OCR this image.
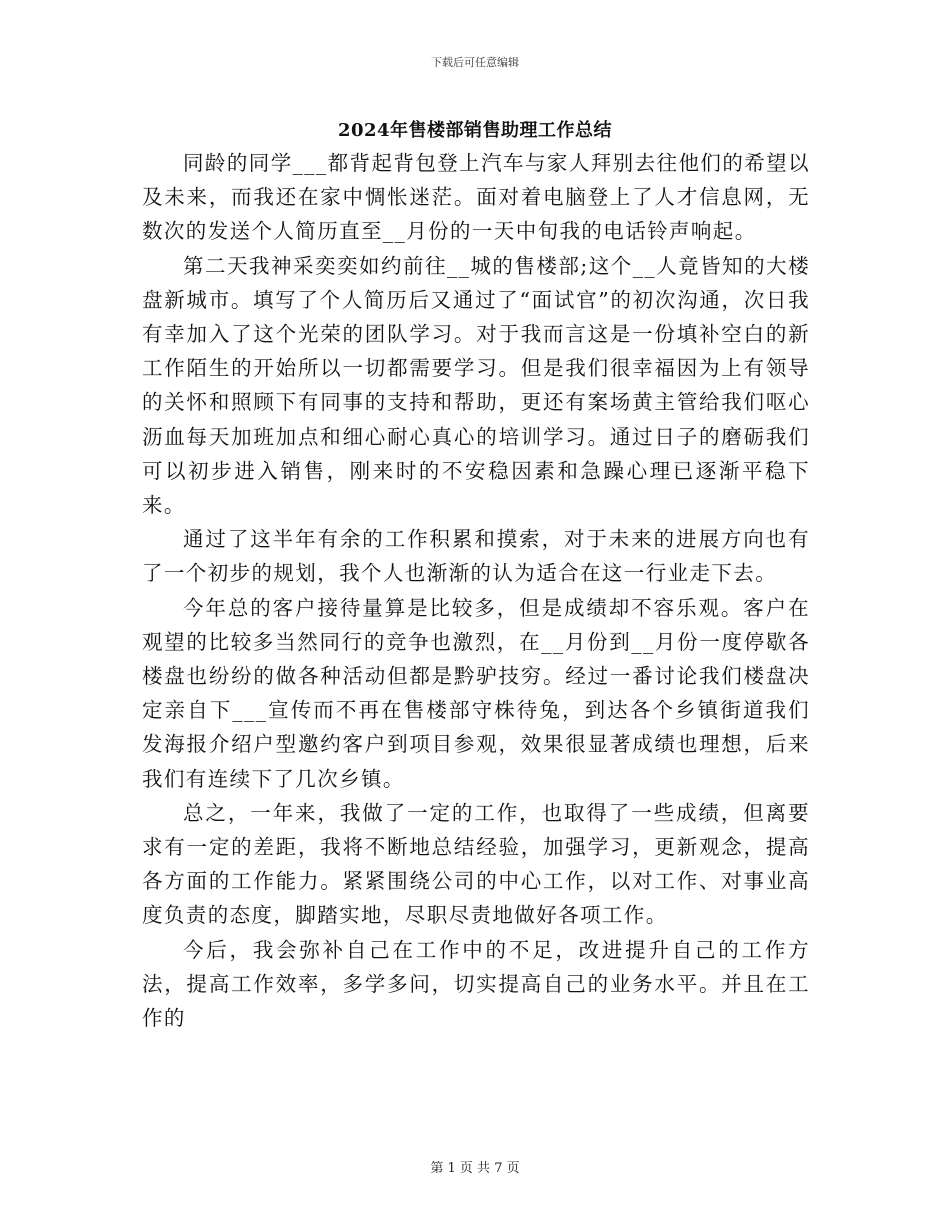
下载后可任意编辑
2024年售楼部销售助理工作总结

同龄的同学___都背起背包登上汽车与家人拜别去往他们的希望以及未来，而我还在家中惆怅迷茫。面对着电脑登上了人才信息网，无数次的发送个人简历直至__月份的一天中旬我的电话铃声响起。

第二天我神采奕奕如约前往__城的售楼部;这个__人竟皆知的大楼盘新城市。填写了个人简历后又通过了“面试官”的初次沟通，次日我有幸加入了这个光荣的团队学习。对于我而言这是一份填补空白的新工作陌生的开始所以一切都需要学习。但是我们很幸福因为上有领导的关怀和照顾下有同事的支持和帮助，更还有案场黄主管给我们呕心沥血每天加班加点和细心耐心真心的培训学习。通过日子的磨砺我们可以初步进入销售，刚来时的不安稳因素和急躁心理已逐渐平稳下来。

通过了这半年有余的工作积累和摸索，对于未来的进展方向也有了一个初步的规划，我个人也渐渐的认为适合在这一行业走下去。

今年总的客户接待量算是比较多，但是成绩却不容乐观。客户在观望的比较多当然同行的竞争也激烈，在__月份到__月份一度停歇各楼盘也纷纷的做各种活动但都是黔驴技穷。经过一番讨论我们楼盘决定亲自下___宣传而不再在售楼部守株待兔，到达各个乡镇街道我们发海报介绍户型邀约客户到项目参观，效果很显著成绩也理想，后来我们有连续下了几次乡镇。

总之，一年来，我做了一定的工作，也取得了一些成绩，但离要求有一定的差距，我将不断地总结经验，加强学习，更新观念，提高各方面的工作能力。紧紧围绕公司的中心工作，以对工作、对事业高度负责的态度，脚踏实地，尽职尽责地做好各项工作。

今后，我会弥补自己在工作中的不足，改进提升自己的工作方法，提高工作效率，多学多问，切实提高自己的业务水平。并且在工作的

第 1 页 共 7 页
